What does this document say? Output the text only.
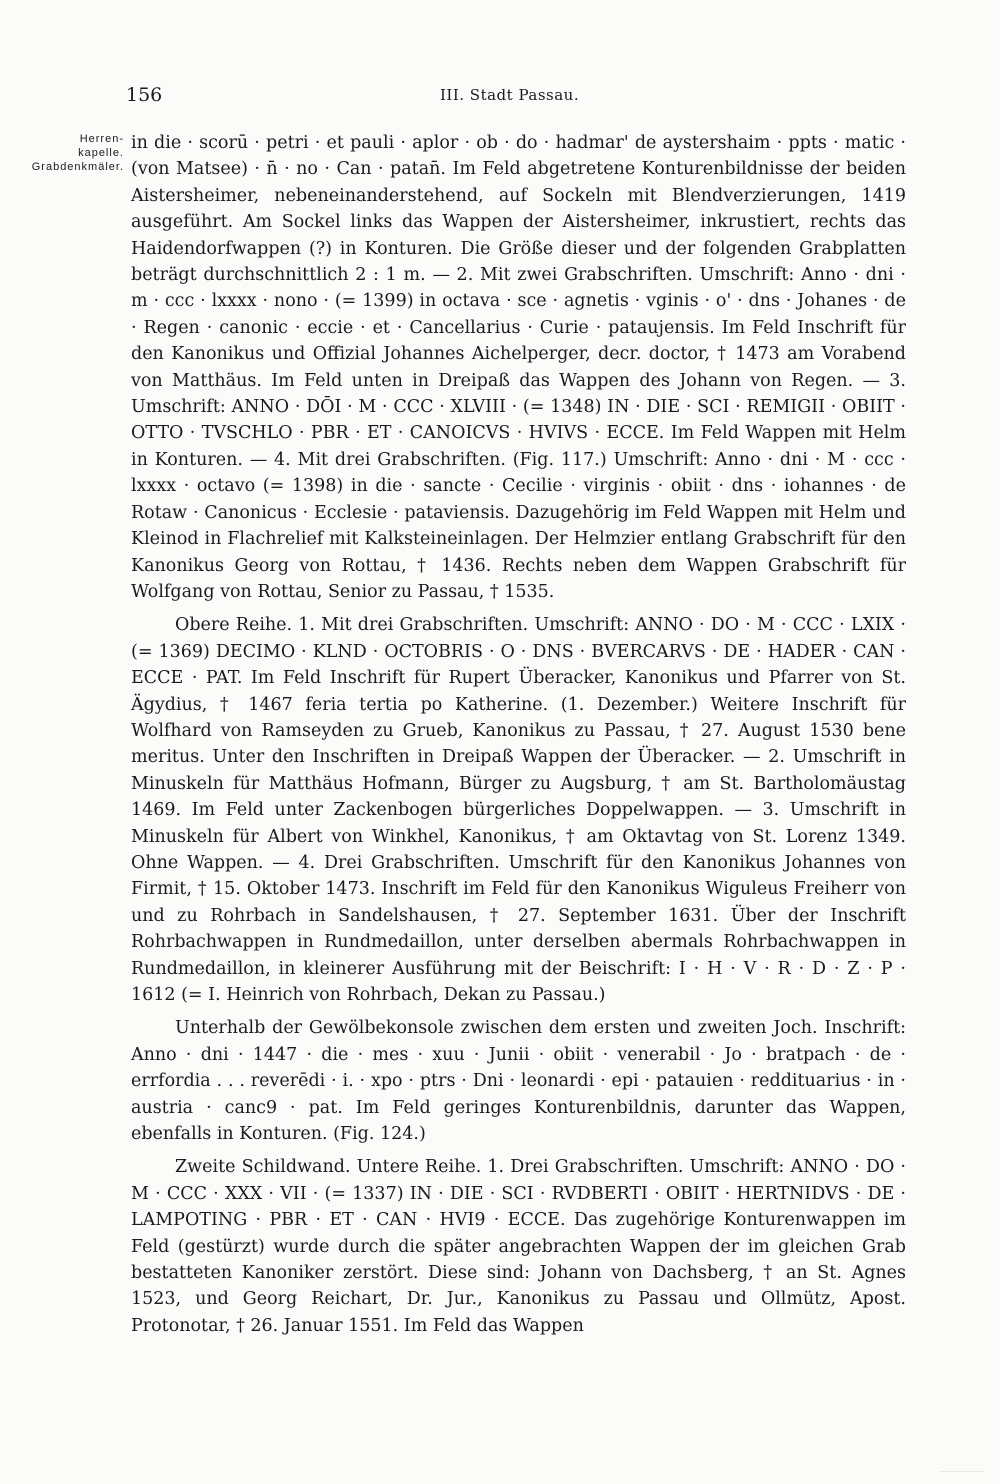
156	III. Stadt Passau.
Herren-
kapelle.
Grabdenkmäler.

in die · scorū · petri · et pauli · aplor · ob · do · hadmar' de aystershaim · ppts · matic · (von Matsee) · n̄ · no · Can · patan̄. Im Feld abgetretene Konturenbildnisse der beiden Aistersheimer, nebeneinanderstehend, auf Sockeln mit Blendverzierungen, 1419 ausgeführt. Am Sockel links das Wappen der Aistersheimer, inkrustiert, rechts das Haidendorfwappen (?) in Konturen. Die Größe dieser und der folgenden Grabplatten beträgt durchschnittlich 2 : 1 m. — 2. Mit zwei Grabschriften. Umschrift: Anno · dni · m · ccc · lxxxx · nono · (= 1399) in octava · sce · agnetis · vginis · o' · dns · Johanes · de · Regen · canonic · eccie · et · Cancellarius · Curie · pataujensis. Im Feld Inschrift für den Kanonikus und Offizial Johannes Aichelperger, decr. doctor, † 1473 am Vorabend von Matthäus. Im Feld unten in Dreipaß das Wappen des Johann von Regen. — 3. Umschrift: ANNO · DŌI · M · CCC · XLVIII · (= 1348) IN · DIE · SCI · REMIGII · OBIIT · OTTO · TVSCHLO · PBR · ET · CANOICVS · HVIVS · ECCE. Im Feld Wappen mit Helm in Konturen. — 4. Mit drei Grabschriften. (Fig. 117.) Umschrift: Anno · dni · M · ccc · lxxxx · octavo (= 1398) in die · sancte · Cecilie · virginis · obiit · dns · iohannes · de Rotaw · Canonicus · Ecclesie · pataviensis. Dazugehörig im Feld Wappen mit Helm und Kleinod in Flachrelief mit Kalksteineinlagen. Der Helmzier entlang Grabschrift für den Kanonikus Georg von Rottau, † 1436. Rechts neben dem Wappen Grabschrift für Wolfgang von Rottau, Senior zu Passau, † 1535.

Obere Reihe. 1. Mit drei Grabschriften. Umschrift: ANNO · DO · M · CCC · LXIX · (= 1369) DECIMO · KLND · OCTOBRIS · O · DNS · BVERCARVS · DE · HADER · CAN · ECCE · PAT. Im Feld Inschrift für Rupert Überacker, Kanonikus und Pfarrer von St. Ägydius, † 1467 feria tertia po Katherine. (1. Dezember.) Weitere Inschrift für Wolfhard von Ramseyden zu Grueb, Kanonikus zu Passau, † 27. August 1530 bene meritus. Unter den Inschriften in Dreipaß Wappen der Überacker. — 2. Umschrift in Minuskeln für Matthäus Hofmann, Bürger zu Augsburg, † am St. Bartholomäustag 1469. Im Feld unter Zackenbogen bürgerliches Doppelwappen. — 3. Umschrift in Minuskeln für Albert von Winkhel, Kanonikus, † am Oktavtag von St. Lorenz 1349. Ohne Wappen. — 4. Drei Grabschriften. Umschrift für den Kanonikus Johannes von Firmit, † 15. Oktober 1473. Inschrift im Feld für den Kanonikus Wiguleus Freiherr von und zu Rohrbach in Sandelshausen, † 27. September 1631. Über der Inschrift Rohrbachwappen in Rundmedaillon, unter derselben abermals Rohrbachwappen in Rundmedaillon, in kleinerer Ausführung mit der Beischrift: I · H · V · R · D · Z · P · 1612 (= I. Heinrich von Rohrbach, Dekan zu Passau.)

Unterhalb der Gewölbekonsole zwischen dem ersten und zweiten Joch. Inschrift: Anno · dni · 1447 · die · mes · xuu · Junii · obiit · venerabil · Jo · bratpach · de · errfordia . . . reverēdi · i. · xpo · ptrs · Dni · leonardi · epi · patauien · reddituarius · in · austria · canc9 · pat. Im Feld geringes Konturenbildnis, darunter das Wappen, ebenfalls in Konturen. (Fig. 124.)

Zweite Schildwand. Untere Reihe. 1. Drei Grabschriften. Umschrift: ANNO · DO · M · CCC · XXX · VII · (= 1337) IN · DIE · SCI · RVDBERTI · OBIIT · HERTNIDVS · DE · LAMPOTING · PBR · ET · CAN · HVI9 · ECCE. Das zugehörige Konturenwappen im Feld (gestürzt) wurde durch die später angebrachten Wappen der im gleichen Grab bestatteten Kanoniker zerstört. Diese sind: Johann von Dachsberg, † an St. Agnes 1523, und Georg Reichart, Dr. Jur., Kanonikus zu Passau und Ollmütz, Apost. Protonotar, † 26. Januar 1551. Im Feld das Wappen
